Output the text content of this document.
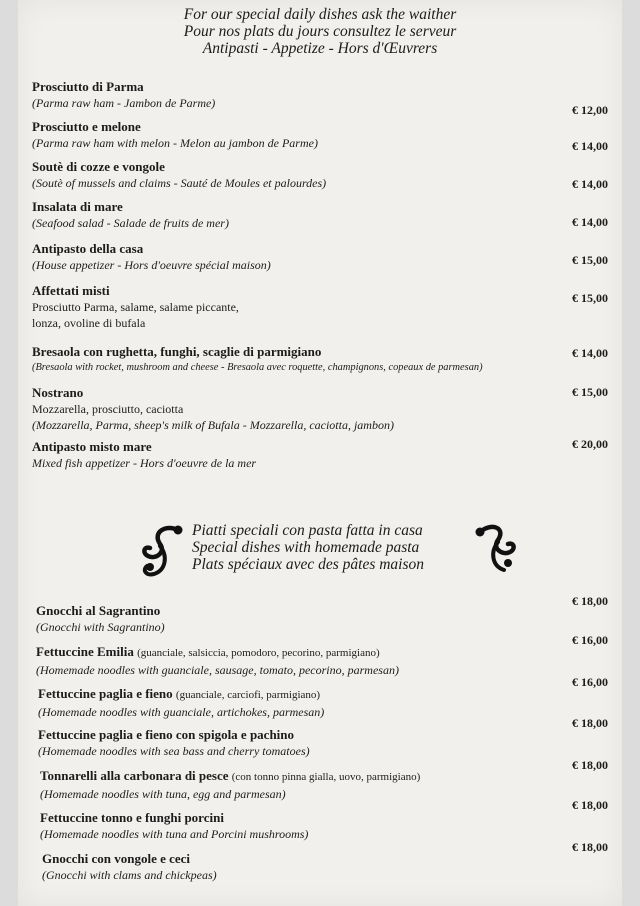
For our special daily dishes ask the waither
Pour nos plats du jours consultez le serveur
Antipasti - Appetize - Hors d'Œuvrers
Prosciutto di Parma
(Parma raw ham - Jambon de Parme)	€ 12,00
Prosciutto e melone
(Parma raw ham with melon - Melon au jambon de Parme)	€ 14,00
Soutè di cozze e vongole
(Soutè of mussels and claims - Sauté de Moules et palourdes)	€ 14,00
Insalata di mare
(Seafood salad - Salade de fruits de mer)	€ 14,00
Antipasto della casa
(House appetizer - Hors d'oeuvre spécial maison)	€ 15,00
Affettati misti
Prosciutto Parma, salame, salame piccante,
lonza, ovoline di bufala
€ 15,00
Bresaola con rughetta, funghi, scaglie di parmigiano
(Bresaola with rocket, mushroom and cheese - Bresaola avec roquette, champignons, copeaux de parmesan)
€ 14,00
Nostrano
Mozzarella, prosciutto, caciotta
(Mozzarella, Parma, sheep's milk of Bufala - Mozzarella, caciotta, jambon)
€ 15,00
Antipasto misto mare
Mixed fish appetizer - Hors d'oeuvre de la mer
€ 20,00
Piatti speciali con pasta fatta in casa
Special dishes with homemade pasta
Plats spéciaux avec des pâtes maison
Gnocchi al Sagrantino
(Gnocchi with Sagrantino)
€ 18,00
Fettuccine Emilia (guanciale, salsiccia, pomodoro, pecorino, parmigiano)
(Homemade noodles with guanciale, sausage, tomato, pecorino, parmesan)
€ 16,00
Fettuccine paglia e fieno (guanciale, carciofi, parmigiano)
(Homemade noodles with guanciale, artichokes, parmesan)
€ 16,00
Fettuccine paglia e fieno con spigola e pachino
(Homemade noodles with sea bass and cherry tomatoes)
€ 18,00
Tonnarelli alla carbonara di pesce (con tonno pinna gialla, uovo, parmigiano)
(Homemade noodles with tuna, egg and parmesan)
€ 18,00
Fettuccine tonno e funghi porcini
(Homemade noodles with tuna and Porcini mushrooms)
€ 18,00
Gnocchi con vongole e ceci
(Gnocchi with clams and chickpeas)
€ 18,00
